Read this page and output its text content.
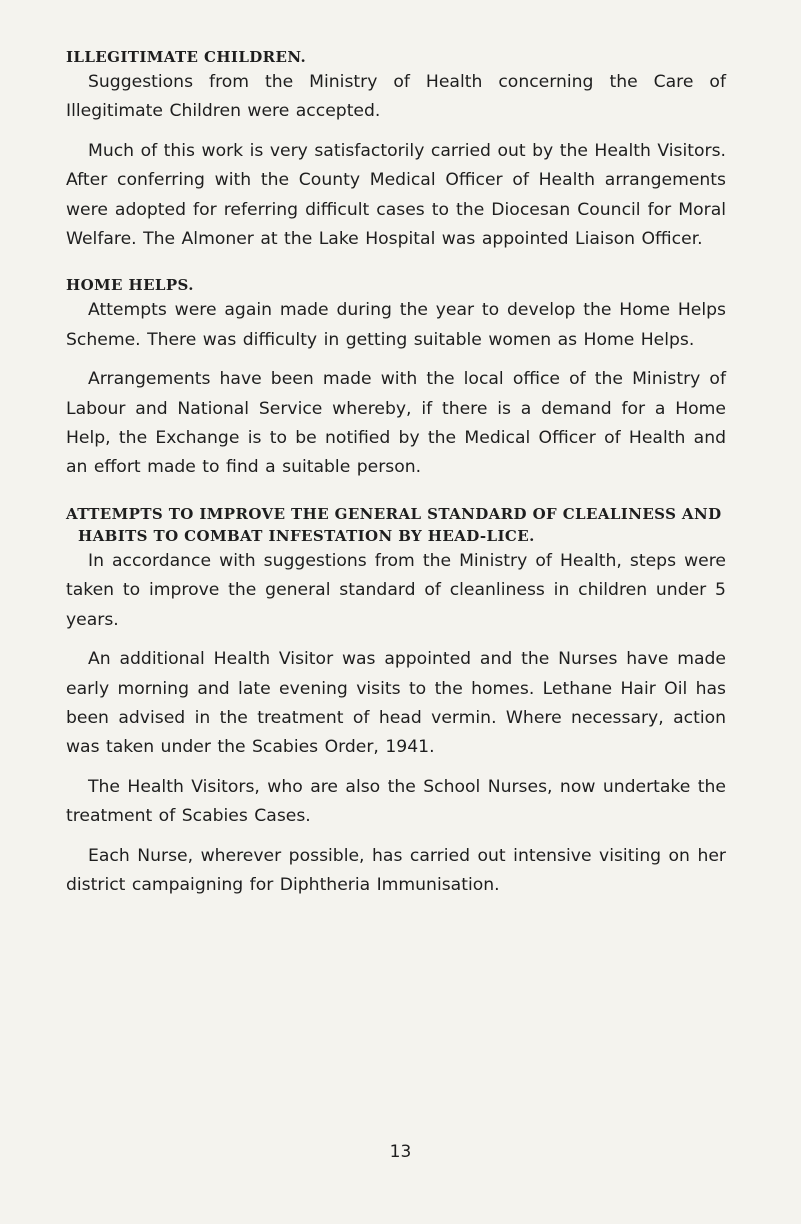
ILLEGITIMATE CHILDREN.

Suggestions from the Ministry of Health concerning the Care of Illegitimate Children were accepted.

Much of this work is very satisfactorily carried out by the Health Visitors. After conferring with the County Medical Officer of Health arrangements were adopted for referring difficult cases to the Diocesan Council for Moral Welfare. The Almoner at the Lake Hospital was appointed Liaison Officer.

HOME HELPS.

Attempts were again made during the year to develop the Home Helps Scheme. There was difficulty in getting suitable women as Home Helps.

Arrangements have been made with the local office of the Ministry of Labour and National Service whereby, if there is a demand for a Home Help, the Exchange is to be notified by the Medical Officer of Health and an effort made to find a suitable person.

ATTEMPTS TO IMPROVE THE GENERAL STANDARD OF CLEALINESS AND HABITS TO COMBAT INFESTATION BY HEAD-LICE.

In accordance with suggestions from the Ministry of Health, steps were taken to improve the general standard of cleanliness in children under 5 years.

An additional Health Visitor was appointed and the Nurses have made early morning and late evening visits to the homes. Lethane Hair Oil has been advised in the treatment of head vermin. Where necessary, action was taken under the Scabies Order, 1941.

The Health Visitors, who are also the School Nurses, now undertake the treatment of Scabies Cases.

Each Nurse, wherever possible, has carried out intensive visiting on her district campaigning for Diphtheria Immunisation.

13
